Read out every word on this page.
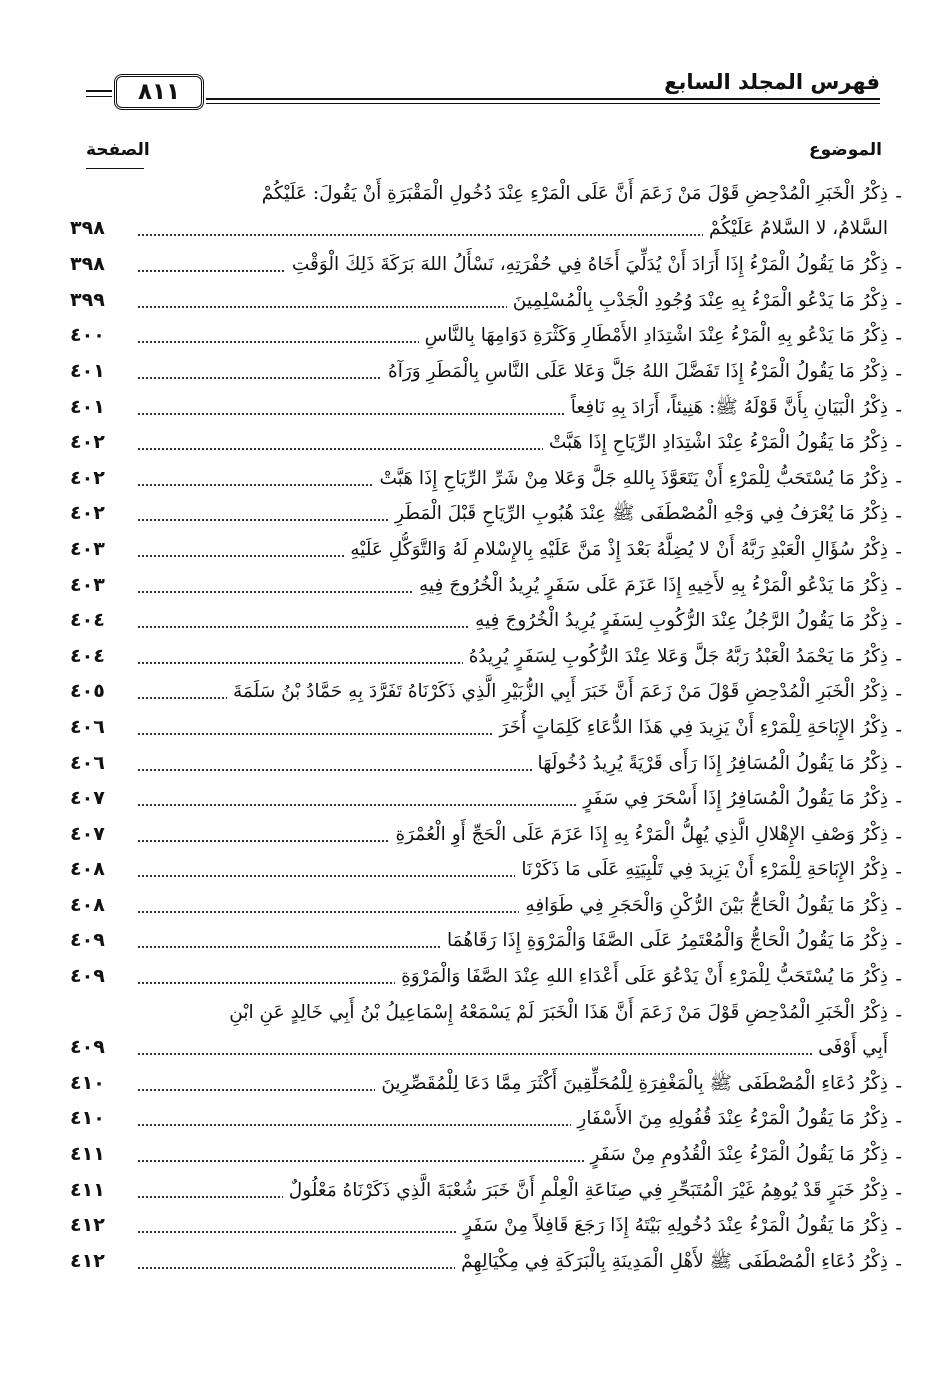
فهرس المجلد السابع
٨١١
الموضوع
الصفحة
-
ذِكْرُ الْخَبَرِ الْمُدْحِضِ قَوْلَ مَنْ زَعَمَ أَنَّ عَلَى الْمَرْءِ عِنْدَ دُخُولِ الْمَقْبَرَةِ أَنْ يَقُولَ: عَلَيْكُمْ
السَّلامُ، لا السَّلامُ عَلَيْكُمْ
٣٩٨
-
ذِكْرُ مَا يَقُولُ الْمَرْءُ إِذَا أَرَادَ أَنْ يُدَلِّيَ أَخَاهُ فِي حُفْرَتِهِ، نَسْأَلُ اللهَ بَرَكَةَ ذَلِكَ الْوَقْتِ
٣٩٨
-
ذِكْرُ مَا يَدْعُو الْمَرْءُ بِهِ عِنْدَ وُجُودِ الْجَدْبِ بِالْمُسْلِمِينَ
٣٩٩
-
ذِكْرُ مَا يَدْعُو بِهِ الْمَرْءُ عِنْدَ اشْتِدَادِ الأَمْطَارِ وَكَثْرَةِ دَوَامِهَا بِالنَّاسِ
٤٠٠
-
ذِكْرُ مَا يَقُولُ الْمَرْءُ إِذَا تَفَضَّلَ اللهُ جَلَّ وَعَلا عَلَى النَّاسِ بِالْمَطَرِ وَرَآهُ
٤٠١
-
ذِكْرُ الْبَيَانِ بِأَنَّ قَوْلَهُ ﷺ: هَنِيئاً، أَرَادَ بِهِ نَافِعاً
٤٠١
-
ذِكْرُ مَا يَقُولُ الْمَرْءُ عِنْدَ اشْتِدَادِ الرِّيَاحِ إِذَا هَبَّتْ
٤٠٢
-
ذِكْرُ مَا يُسْتَحَبُّ لِلْمَرْءِ أَنْ يَتَعَوَّذَ بِاللهِ جَلَّ وَعَلا مِنْ شَرِّ الرِّيَاحِ إِذَا هَبَّتْ
٤٠٢
-
ذِكْرُ مَا يُعْرَفُ فِي وَجْهِ الْمُصْطَفَى ﷺ عِنْدَ هُبُوبِ الرِّيَاحِ قَبْلَ الْمَطَرِ
٤٠٢
-
ذِكْرُ سُؤَالِ الْعَبْدِ رَبَّهُ أَنْ لا يُضِلَّهُ بَعْدَ إِذْ مَنَّ عَلَيْهِ بِالإِسْلامِ لَهُ وَالتَّوَكُّلِ عَلَيْهِ
٤٠٣
-
ذِكْرُ مَا يَدْعُو الْمَرْءُ بِهِ لأَخِيهِ إِذَا عَزَمَ عَلَى سَفَرٍ يُرِيدُ الْخُرُوجَ فِيهِ
٤٠٣
-
ذِكْرُ مَا يَقُولُ الرَّجُلُ عِنْدَ الرُّكُوبِ لِسَفَرٍ يُرِيدُ الْخُرُوجَ فِيهِ
٤٠٤
-
ذِكْرُ مَا يَحْمَدُ الْعَبْدُ رَبَّهُ جَلَّ وَعَلا عِنْدَ الرُّكُوبِ لِسَفَرٍ يُرِيدُهُ
٤٠٤
-
ذِكْرُ الْخَبَرِ الْمُدْحِضِ قَوْلَ مَنْ زَعَمَ أَنَّ خَبَرَ أَبِي الزُّبَيْرِ الَّذِي ذَكَرْنَاهُ تَفَرَّدَ بِهِ حَمَّادُ بْنُ سَلَمَةَ
٤٠٥
-
ذِكْرُ الإِبَاحَةِ لِلْمَرْءِ أَنْ يَزِيدَ فِي هَذَا الدُّعَاءِ كَلِمَاتٍ أُخَرَ
٤٠٦
-
ذِكْرُ مَا يَقُولُ الْمُسَافِرُ إِذَا رَأَى قَرْيَةً يُرِيدُ دُخُولَهَا
٤٠٦
-
ذِكْرُ مَا يَقُولُ الْمُسَافِرُ إِذَا أَسْحَرَ فِي سَفَرٍ
٤٠٧
-
ذِكْرُ وَصْفِ الإِهْلالِ الَّذِي يُهِلُّ الْمَرْءُ بِهِ إِذَا عَزَمَ عَلَى الْحَجِّ أَوِ الْعُمْرَةِ
٤٠٧
-
ذِكْرُ الإِبَاحَةِ لِلْمَرْءِ أَنْ يَزِيدَ فِي تَلْبِيَتِهِ عَلَى مَا ذَكَرْنَا
٤٠٨
-
ذِكْرُ مَا يَقُولُ الْحَاجُّ بَيْنَ الرُّكْنِ وَالْحَجَرِ فِي طَوَافِهِ
٤٠٨
-
ذِكْرُ مَا يَقُولُ الْحَاجُّ وَالْمُعْتَمِرُ عَلَى الصَّفَا وَالْمَرْوَةِ إِذَا رَقَاهُمَا
٤٠٩
-
ذِكْرُ مَا يُسْتَحَبُّ لِلْمَرْءِ أَنْ يَدْعُوَ عَلَى أَعْدَاءِ اللهِ عِنْدَ الصَّفَا وَالْمَرْوَةِ
٤٠٩
-
ذِكْرُ الْخَبَرِ الْمُدْحِضِ قَوْلَ مَنْ زَعَمَ أَنَّ هَذَا الْخَبَرَ لَمْ يَسْمَعْهُ إِسْمَاعِيلُ بْنُ أَبِي خَالِدٍ عَنِ ابْنِ
أَبِي أَوْفَى
٤٠٩
-
ذِكْرُ دُعَاءِ الْمُصْطَفَى ﷺ بِالْمَغْفِرَةِ لِلْمُحَلِّقِينَ أَكْثَرَ مِمَّا دَعَا لِلْمُقَصِّرِينَ
٤١٠
-
ذِكْرُ مَا يَقُولُ الْمَرْءُ عِنْدَ قُفُولِهِ مِنَ الأَسْفَارِ
٤١٠
-
ذِكْرُ مَا يَقُولُ الْمَرْءُ عِنْدَ الْقُدُومِ مِنْ سَفَرٍ
٤١١
-
ذِكْرُ خَبَرٍ قَدْ يُوهِمُ غَيْرَ الْمُتَبَحِّرِ فِي صِنَاعَةِ الْعِلْمِ أَنَّ خَبَرَ شُعْبَةَ الَّذِي ذَكَرْنَاهُ مَعْلُولٌ
٤١١
-
ذِكْرُ مَا يَقُولُ الْمَرْءُ عِنْدَ دُخُولِهِ بَيْتَهُ إِذَا رَجَعَ قَافِلاً مِنْ سَفَرٍ
٤١٢
-
ذِكْرُ دُعَاءِ الْمُصْطَفَى ﷺ لأَهْلِ الْمَدِينَةِ بِالْبَرَكَةِ فِي مِكْيَالِهِمْ
٤١٢
